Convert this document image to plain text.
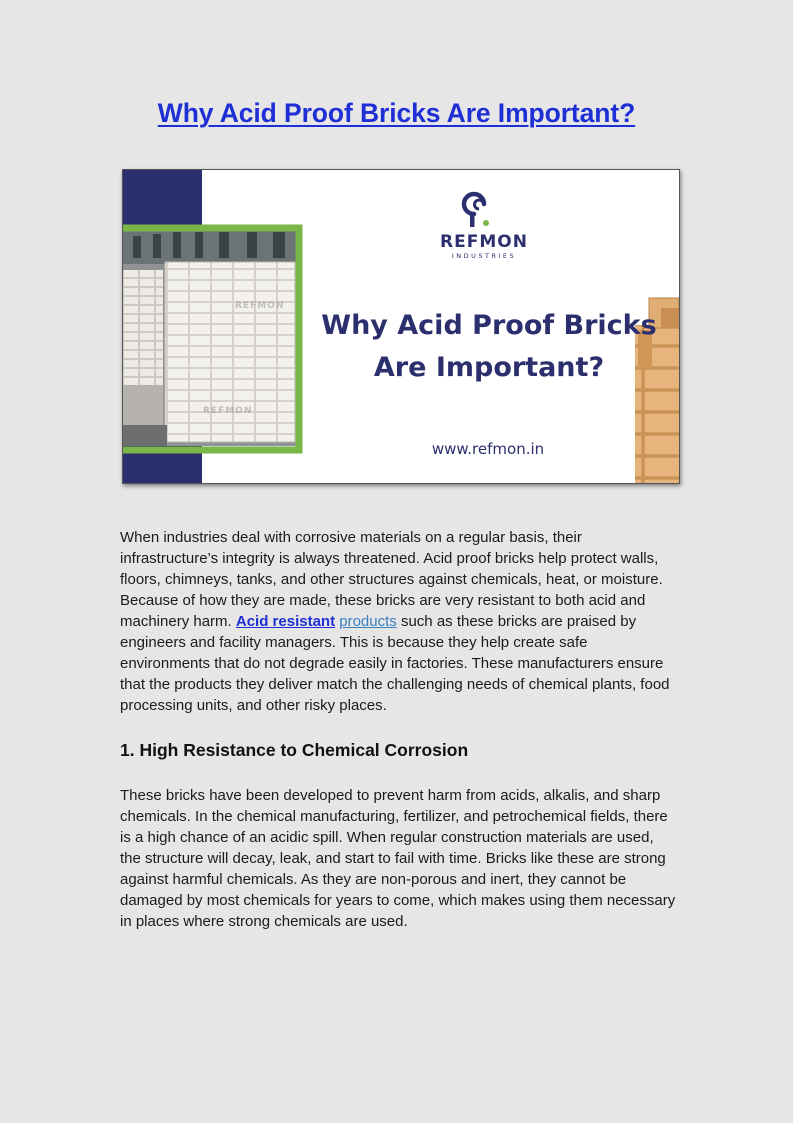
Why Acid Proof Bricks Are Important?
REFMON
INDUSTRIES
Why Acid Proof Bricks
Are Important?
www.refmon.in
REFMON
REFMON

When industries deal with corrosive materials on a regular basis, their infrastructure’s integrity is always threatened. Acid proof bricks help protect walls, floors, chimneys, tanks, and other structures against chemicals, heat, or moisture. Because of how they are made, these bricks are very resistant to both acid and machinery harm. Acid resistant products such as these bricks are praised by engineers and facility managers. This is because they help create safe environments that do not degrade easily in factories. These manufacturers ensure that the products they deliver match the challenging needs of chemical plants, food processing units, and other risky places.

1. High Resistance to Chemical Corrosion

These bricks have been developed to prevent harm from acids, alkalis, and sharp chemicals. In the chemical manufacturing, fertilizer, and petrochemical fields, there is a high chance of an acidic spill. When regular construction materials are used, the structure will decay, leak, and start to fail with time. Bricks like these are strong against harmful chemicals. As they are non-porous and inert, they cannot be damaged by most chemicals for years to come, which makes using them necessary in places where strong chemicals are used.
